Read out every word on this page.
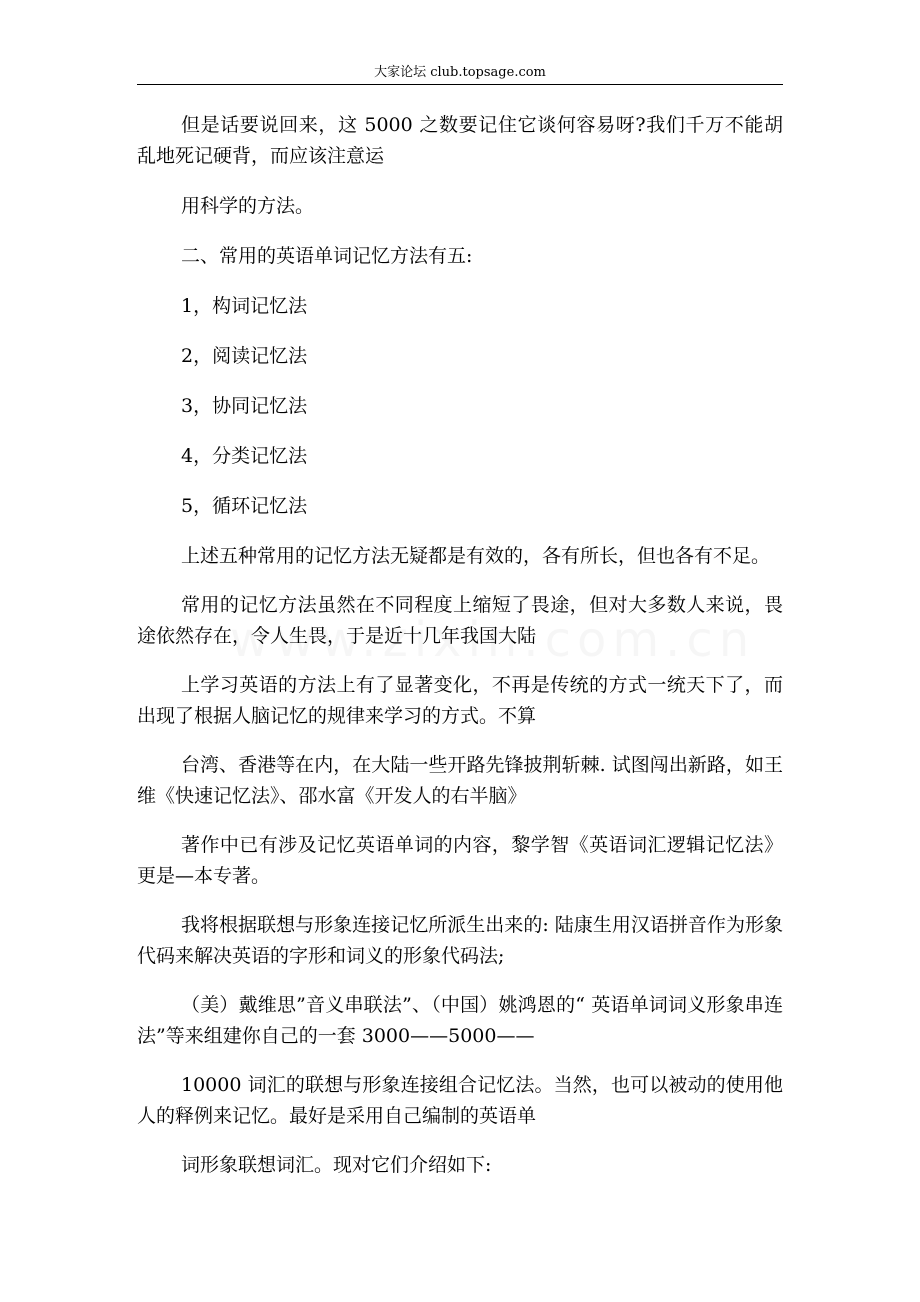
大家论坛 club.topsage.com

但是话要说回来，这 5000 之数要记住它谈何容易呀?我们千万不能胡乱地死记硬背，而应该注意运

用科学的方法。

二、常用的英语单词记忆方法有五:

1，构词记忆法

2，阅读记忆法

3，协同记忆法

4，分类记忆法

5，循环记忆法

上述五种常用的记忆方法无疑都是有效的，各有所长，但也各有不足。

常用的记忆方法虽然在不同程度上缩短了畏途，但对大多数人来说，畏途依然存在，令人生畏，于是近十几年我国大陆

上学习英语的方法上有了显著变化，不再是传统的方式一统天下了，而出现了根据人脑记忆的规律来学习的方式。不算

台湾、香港等在内，在大陆一些开路先锋披荆斩棘. 试图闯出新路，如王维《快速记忆法》、邵水富《开发人的右半脑》

著作中已有涉及记忆英语单词的内容，黎学智《英语词汇逻辑记忆法》更是—本专著。

我将根据联想与形象连接记忆所派生出来的: 陆康生用汉语拼音作为形象代码来解决英语的字形和词义的形象代码法;

（美）戴维思”音义串联法”、（中国）姚鸿恩的“ 英语单词词义形象串连法”等来组建你自己的一套 3000——5000——

10000 词汇的联想与形象连接组合记忆法。当然，也可以被动的使用他人的释例来记忆。最好是采用自己编制的英语单

词形象联想词汇。现对它们介绍如下:
